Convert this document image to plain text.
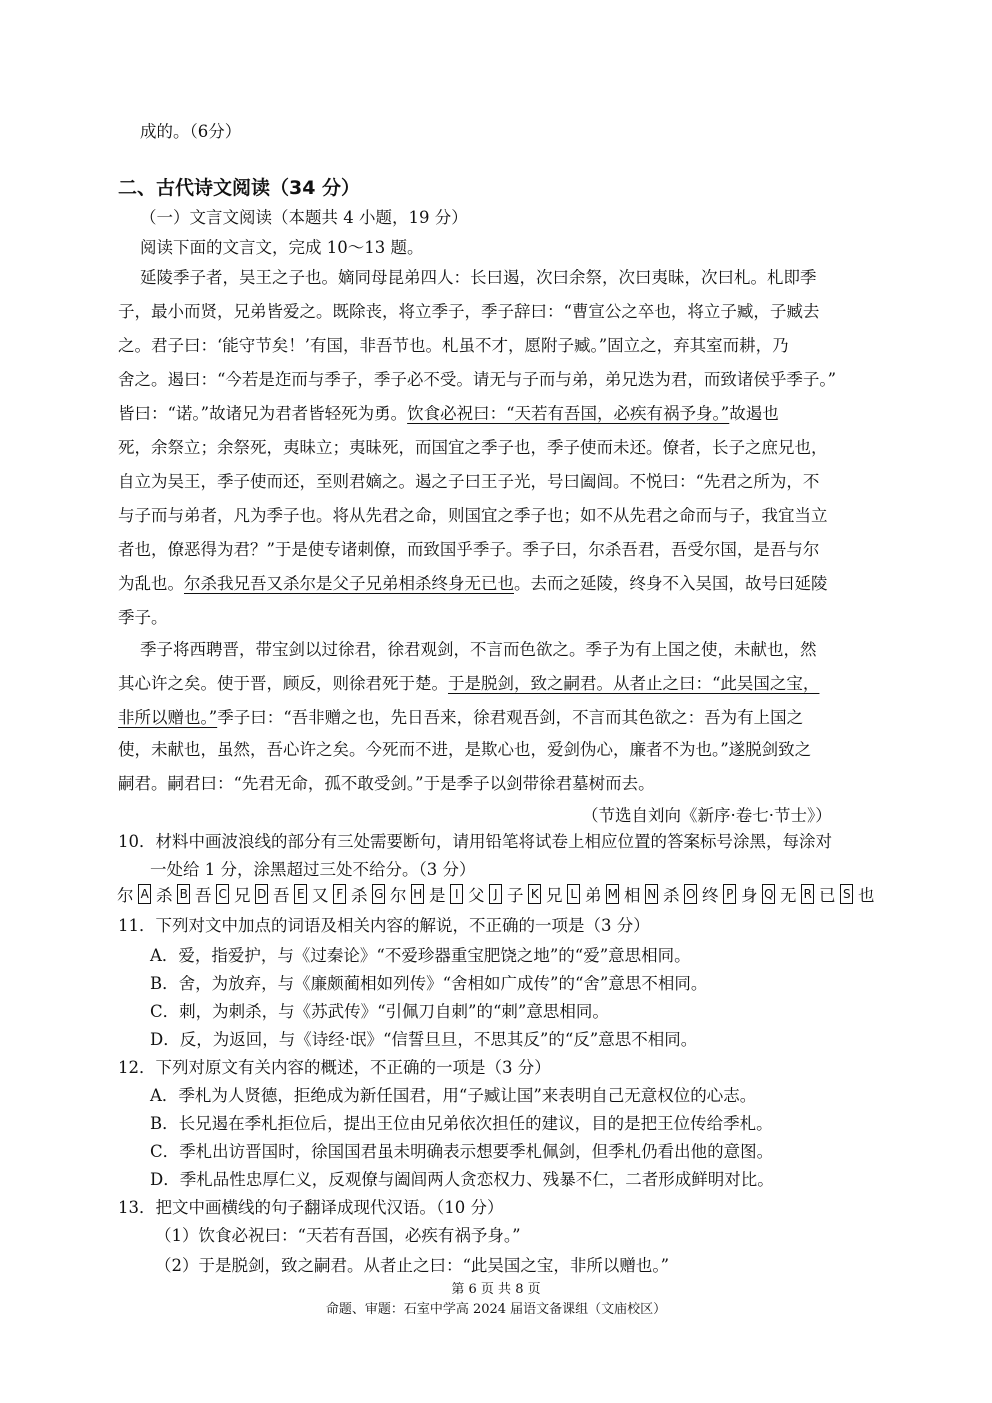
成的。（6分）
二、古代诗文阅读（34 分）
（一）文言文阅读（本题共 4 小题，19 分）
阅读下面的文言文，完成 10～13 题。
延陵季子者，吴王之子也。嫡同母昆弟四人：长曰遏，次曰余祭，次曰夷昧，次曰札。札即季
子，最小而贤，兄弟皆爱之。既除丧，将立季子，季子辞曰：“曹宣公之卒也，将立子臧，子臧去
之。君子曰：‘能守节矣！’有国，非吾节也。札虽不才，愿附子臧。”固立之，弃其室而耕，乃
舍之。遏曰：“今若是迮而与季子，季子必不受。请无与子而与弟，弟兄迭为君，而致诸侯乎季子。”
皆曰：“诺。”故诸兄为君者皆轻死为勇。饮食必祝曰：“天若有吾国，必疾有祸予身。”故遏也
死，余祭立；余祭死，夷昧立；夷昧死，而国宜之季子也，季子使而未还。僚者，长子之庶兄也，
自立为吴王，季子使而还，至则君嫡之。遏之子曰王子光，号曰阖闾。不悦曰：“先君之所为，不
与子而与弟者，凡为季子也。将从先君之命，则国宜之季子也；如不从先君之命而与子，我宜当立
者也，僚恶得为君？”于是使专诸刺僚，而致国乎季子。季子曰，尔杀吾君，吾受尔国，是吾与尔
为乱也。尔杀我兄吾又杀尔是父子兄弟相杀终身无已也。去而之延陵，终身不入吴国，故号曰延陵
季子。
季子将西聘晋，带宝剑以过徐君，徐君观剑，不言而色欲之。季子为有上国之使，未献也，然
其心许之矣。使于晋，顾反，则徐君死于楚。于是脱剑，致之嗣君。从者止之曰：“此吴国之宝，
非所以赠也。”季子曰：“吾非赠之也，先日吾来，徐君观吾剑，不言而其色欲之：吾为有上国之
使，未献也，虽然，吾心许之矣。今死而不进，是欺心也，爱剑伪心，廉者不为也。”遂脱剑致之
嗣君。嗣君曰：“先君无命，孤不敢受剑。”于是季子以剑带徐君墓树而去。
（节选自刘向《新序·卷七·节士》）
10．材料中画波浪线的部分有三处需要断句，请用铅笔将试卷上相应位置的答案标号涂黑，每涂对
一处给 1 分，涂黑超过三处不给分。（3 分）
11．下列对文中加点的词语及相关内容的解说，不正确的一项是（3 分）
A．爱，指爱护，与《过秦论》“不爱珍器重宝肥饶之地”的“爱”意思相同。
B．舍，为放弃，与《廉颇蔺相如列传》“舍相如广成传”的“舍”意思不相同。
C．刺，为刺杀，与《苏武传》“引佩刀自刺”的“刺”意思相同。
D．反，为返回，与《诗经·氓》“信誓旦旦，不思其反”的“反”意思不相同。
12．下列对原文有关内容的概述，不正确的一项是（3 分）
A．季札为人贤德，拒绝成为新任国君，用“子臧让国”来表明自己无意权位的心志。
B．长兄遏在季札拒位后，提出王位由兄弟依次担任的建议，目的是把王位传给季札。
C．季札出访晋国时，徐国国君虽未明确表示想要季札佩剑，但季札仍看出他的意图。
D．季札品性忠厚仁义，反观僚与阖闾两人贪恋权力、残暴不仁，二者形成鲜明对比。
13．把文中画横线的句子翻译成现代汉语。（10 分）
（1）饮食必祝曰：“天若有吾国，必疾有祸予身。”
（2）于是脱剑，致之嗣君。从者止之曰：“此吴国之宝，非所以赠也。”
尔 A 杀 B 吾 C 兄 D 吾 E 又 F 杀 G 尔 H 是 I 父 J 子 K 兄 L 弟 M 相 N 杀 O 终 P 身 Q 无 R 已 S 也
第 6 页 共 8 页
命题、审题：石室中学高 2024 届语文备课组（文庙校区）
